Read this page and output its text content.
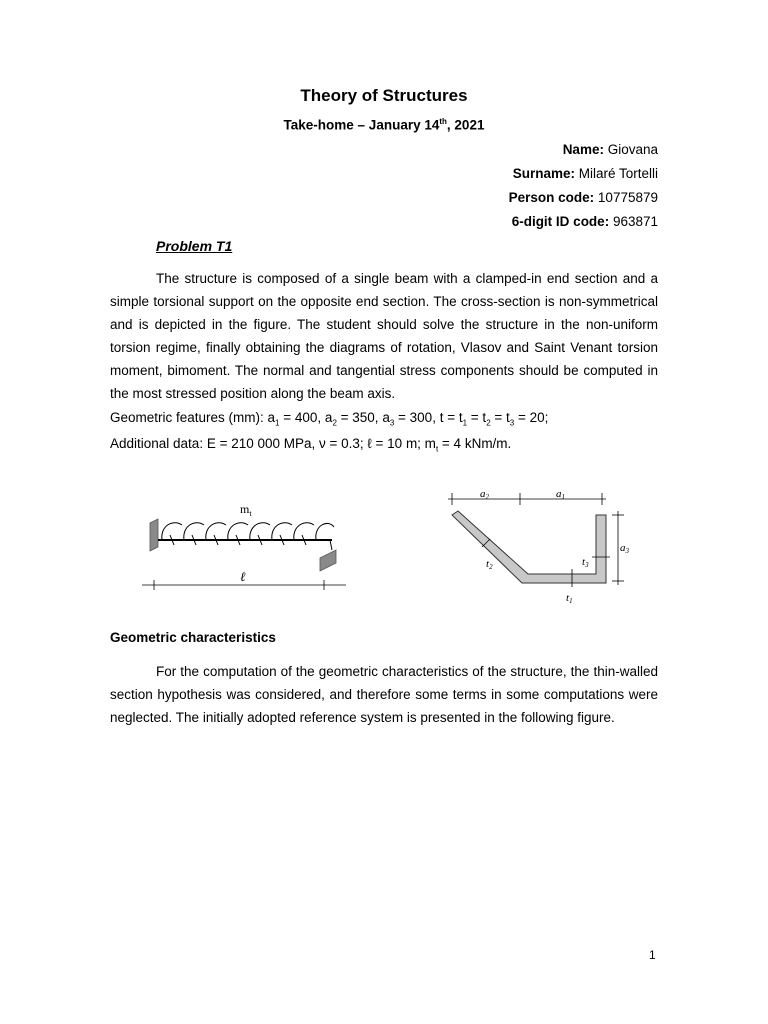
Theory of Structures
Take-home – January 14th, 2021
Name: Giovana
Surname: Milaré Tortelli
Person code: 10775879
6-digit ID code: 963871
Problem T1
The structure is composed of a single beam with a clamped-in end section and a simple torsional support on the opposite end section. The cross-section is non-symmetrical and is depicted in the figure. The student should solve the structure in the non-uniform torsion regime, finally obtaining the diagrams of rotation, Vlasov and Saint Venant torsion moment, bimoment. The normal and tangential stress components should be computed in the most stressed position along the beam axis.
Geometric features (mm): $a_1 = 400$, $a_2 = 350$, $a_3 = 300$, $t = t_1 = t_2 = t_3 = 20$;
Additional data: E = 210 000 MPa, ν = 0.3; ℓ = 10 m; $m_t = 4$ kNm/m.
$m_t$
ℓ
a2	a1
t2
t1
t3
a3
Geometric characteristics
For the computation of the geometric characteristics of the structure, the thin-walled section hypothesis was considered, and therefore some terms in some computations were neglected. The initially adopted reference system is presented in the following figure.
1
